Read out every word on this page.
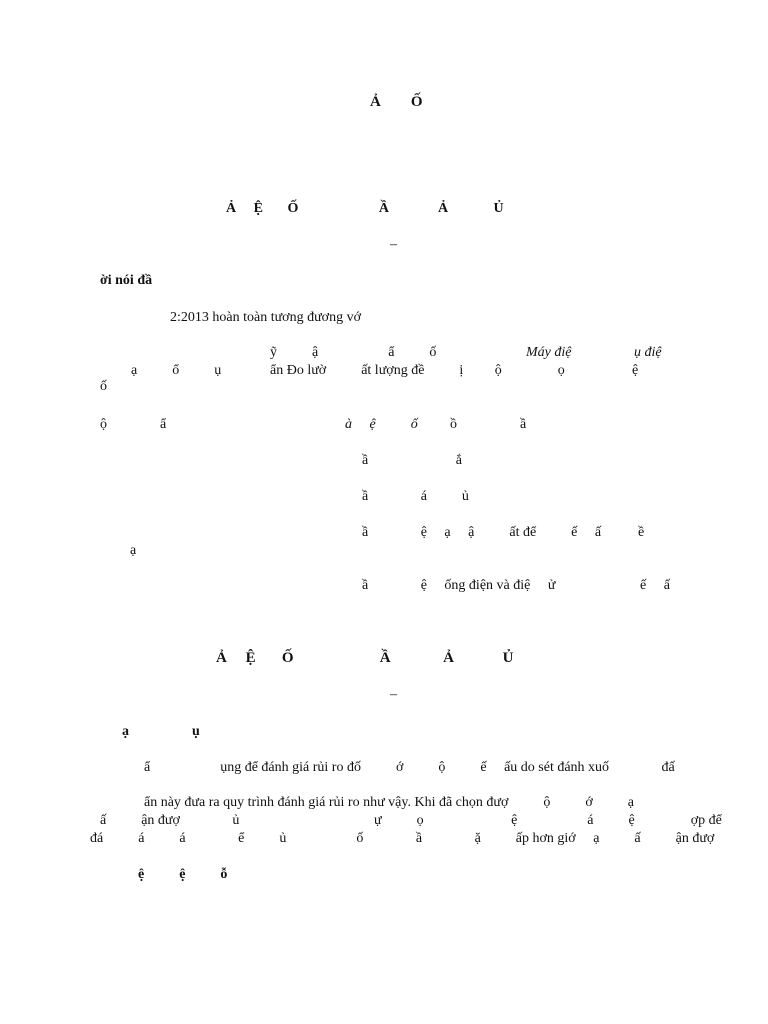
Ả        Ố
Ả     Ệ       Ố                       Ầ              Ả             Ủ
–
ời nói đầ
2:2013 hoàn toàn tương đương vớ
ỹ          ậ                    ẩ          ố	Máy điệ	ụ điệ
ạ          ổ          ụ	ẩn Đo lườ          ất lượng đề          ị         ộ                ọ	ệ
ố
ộ	ẩ	à     ệ          ố ồ                  ầ
ầ                         ắ
ầ               á          ủ
ầ               ệ     ạ     ậ          ất để          ế     ấ	ề
ạ
ầ               ệ     ống điện và điệ     ử	ế     ấ
Ả     Ệ       Ố                       Ầ              Ả             Ủ
–
ạ                  ụ
ẩ                    ụng để đánh giá rủi ro đố          ớ          ộ          ế     ấu do sét đánh xuố               đấ
ẩn này đưa ra quy trình đánh giá rủi ro như vậy. Khi đã chọn đượ          ộ          ớ          ạ
ấ          ận đượ               ủ	ự          ọ                         ệ                    á          ệ                ợp để
đá          á          á               ể          ủ                    ố               ầ               ặ          ấp hơn giớ     ạ          ấ          ận đượ
ệ          ệ          ỗ
